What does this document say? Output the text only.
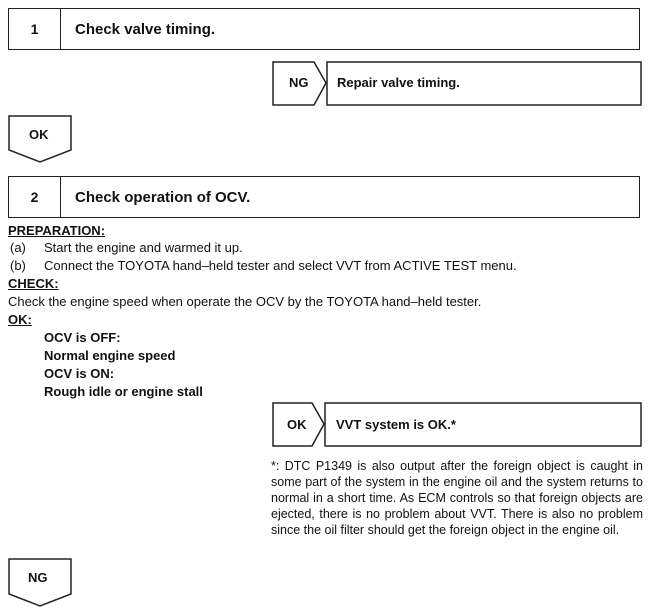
1	Check valve timing.
NG Repair valve timing.
OK
2	Check operation of OCV.
PREPARATION:
(a) Start the engine and warmed it up.
(b) Connect the TOYOTA hand–held tester and select VVT from ACTIVE TEST menu.
CHECK:
Check the engine speed when operate the OCV by the TOYOTA hand–held tester.
OK:
OCV is OFF:
Normal engine speed
OCV is ON:
Rough idle or engine stall
OK VVT system is OK.*
*: DTC P1349 is also output after the foreign object is caught in some part of the system in the engine oil and the system returns to normal in a short time. As ECM controls so that foreign objects are ejected, there is no problem about VVT. There is also no problem since the oil filter should get the foreign object in the engine oil.
NG
